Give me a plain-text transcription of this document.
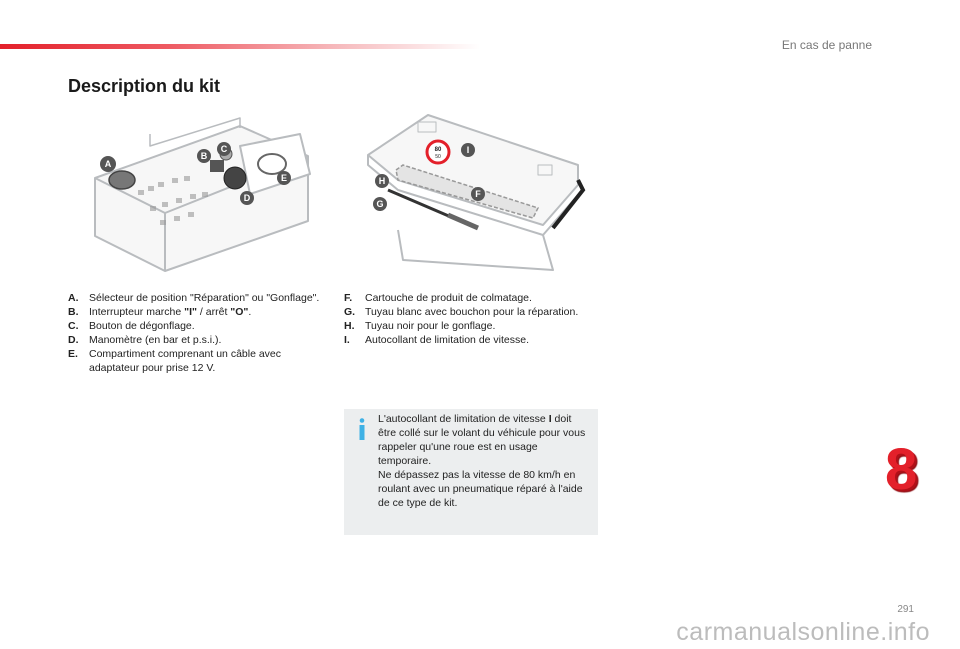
En cas de panne
Description du kit
A
B
C
D
E
80
50
I
H
F
G
A.	Sélecteur de position "Réparation" ou "Gonflage".
B.	Interrupteur marche "I" / arrêt "O".
C.	Bouton de dégonflage.
D.	Manomètre (en bar et p.s.i.).
E.	Compartiment comprenant un câble avec adaptateur pour prise 12 V.
F.	Cartouche de produit de colmatage.
G. Tuyau blanc avec bouchon pour la réparation.
H.	Tuyau noir pour le gonflage.
I.	Autocollant de limitation de vitesse.
L'autocollant de limitation de vitesse I doit être collé sur le volant du véhicule pour vous rappeler qu'une roue est en usage temporaire.
Ne dépassez pas la vitesse de 80 km/h en roulant avec un pneumatique réparé à l'aide de ce type de kit.
8
291
carmanualsonline.info
